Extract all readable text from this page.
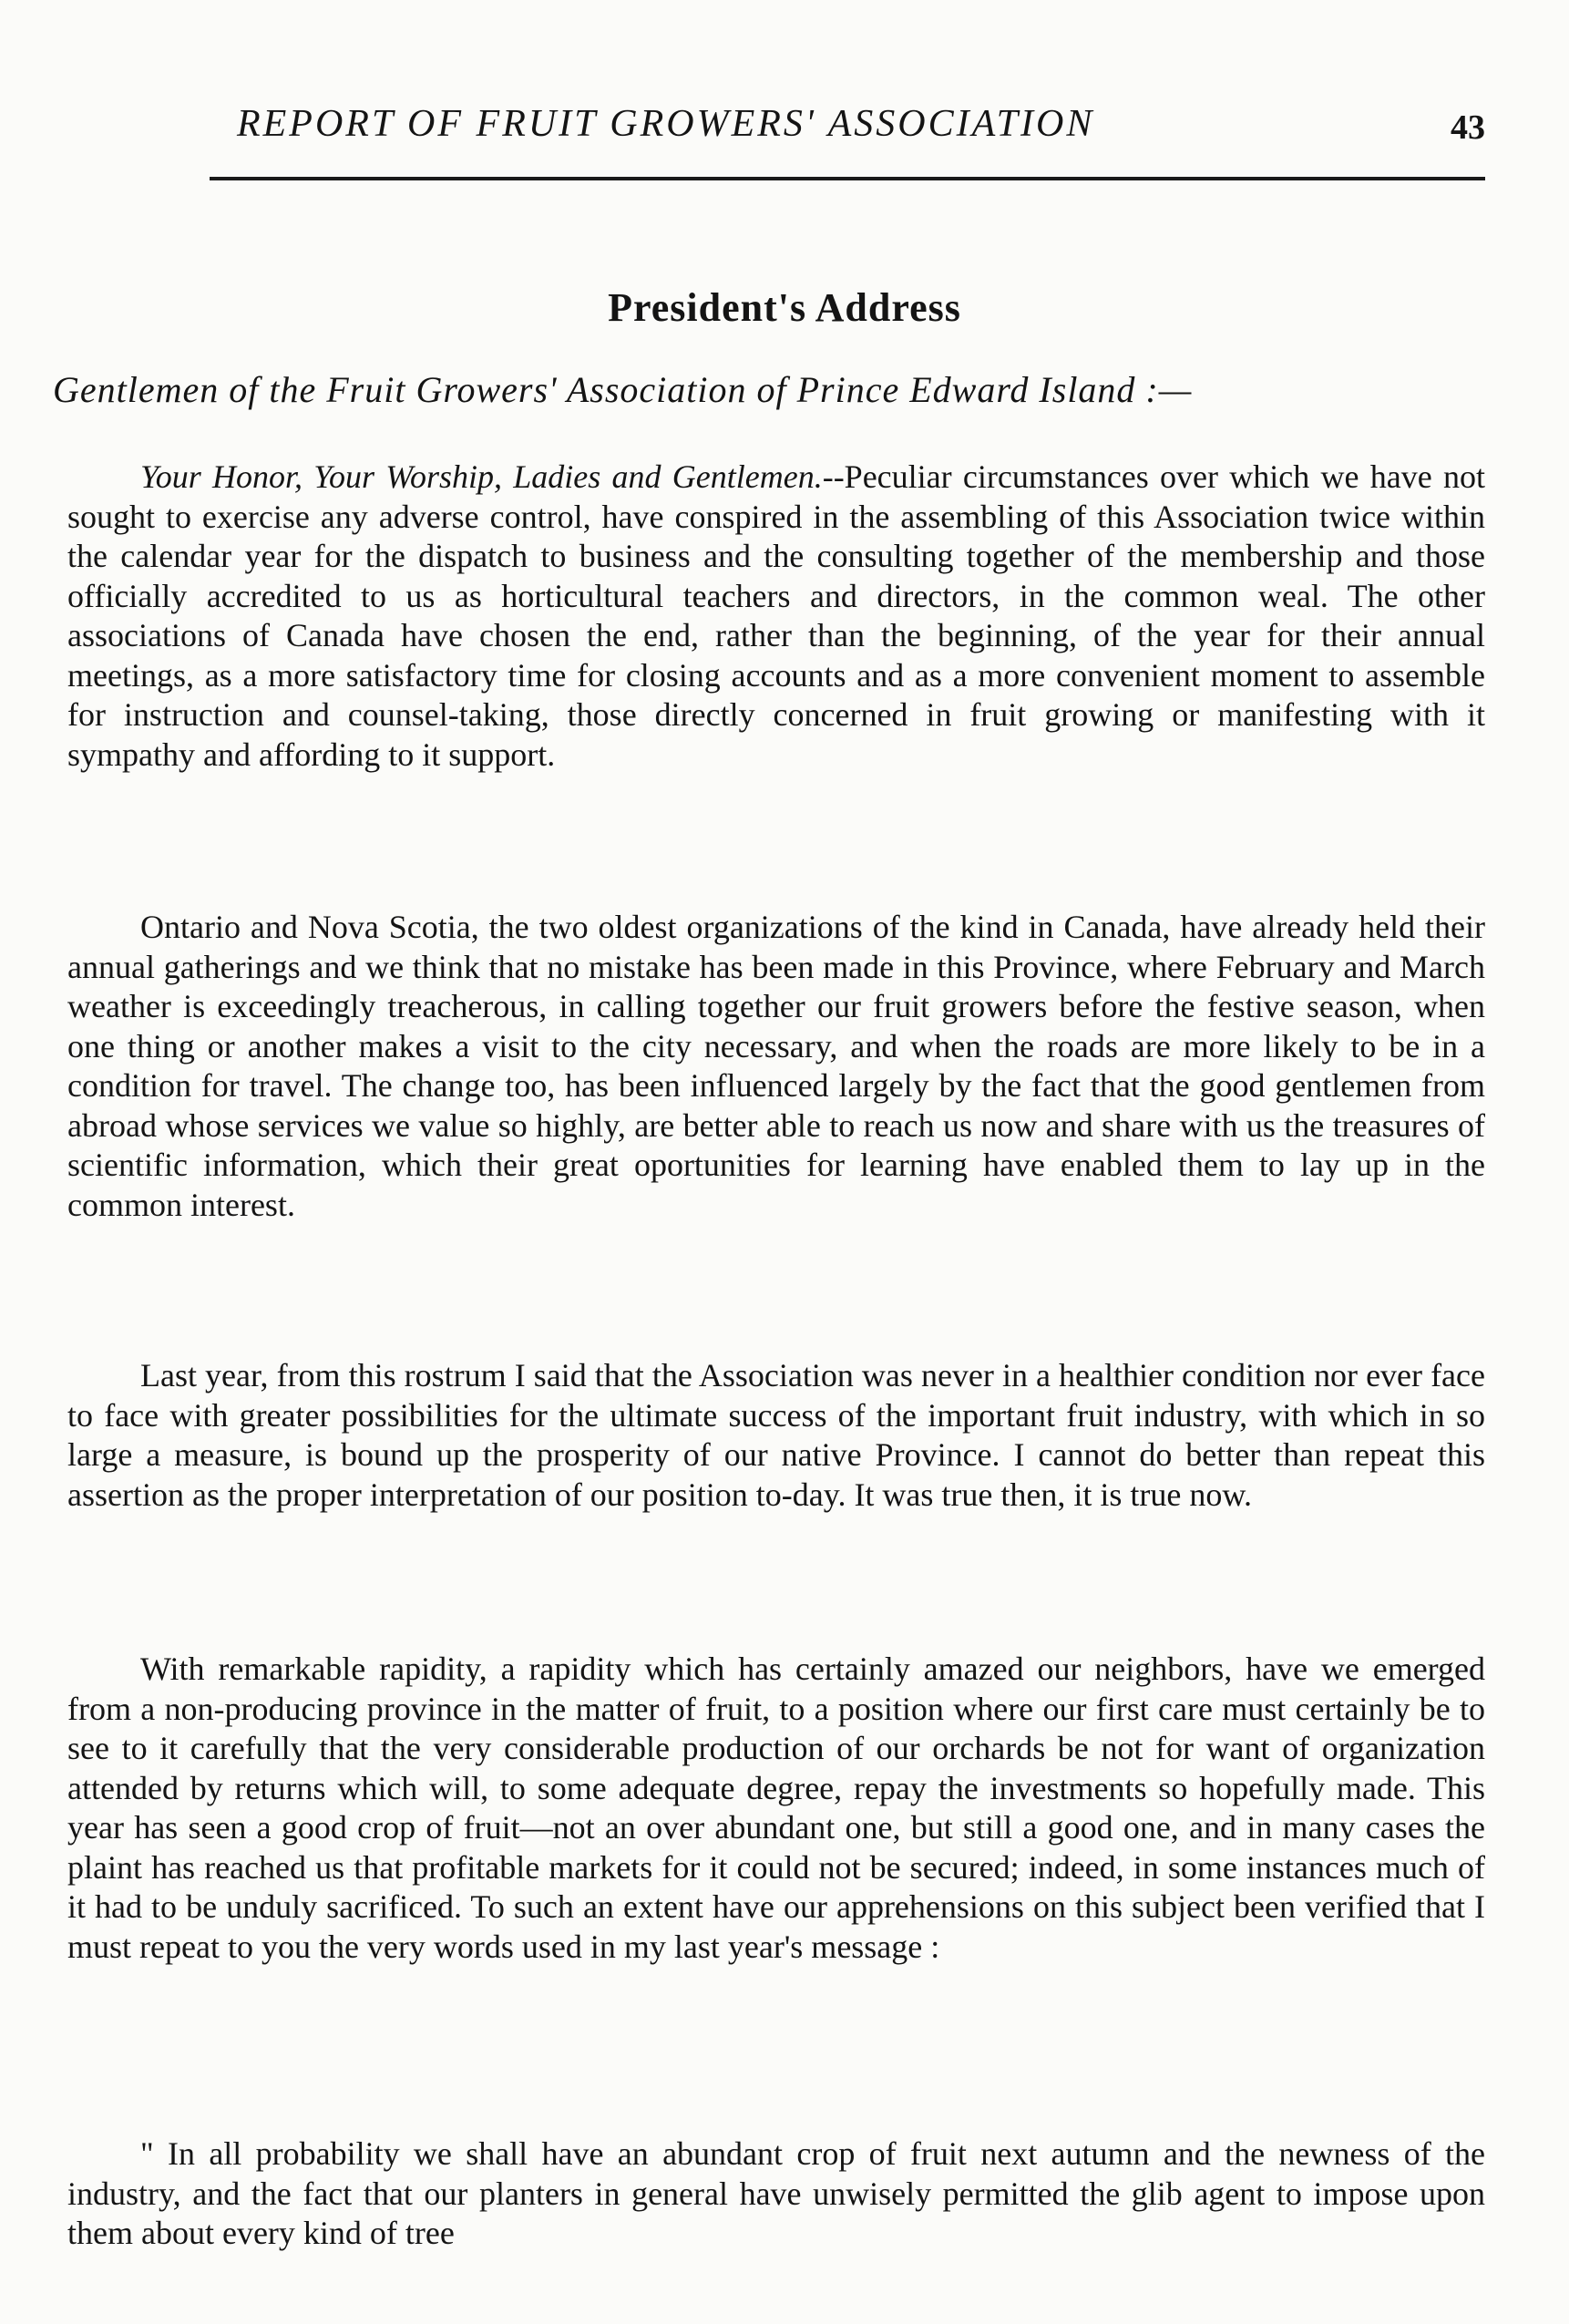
REPORT OF FRUIT GROWERS' ASSOCIATION	43
President's Address
Gentlemen of the Fruit Growers' Association of Prince Edward Island :—
Your Honor, Your Worship, Ladies and Gentlemen.--Peculiar circumstances over which we have not sought to exercise any adverse control, have conspired in the assembling of this Association twice within the calendar year for the dispatch to business and the consulting together of the membership and those officially accredited to us as horticultural teachers and directors, in the common weal. The other associations of Canada have chosen the end, rather than the beginning, of the year for their annual meetings, as a more satisfactory time for closing accounts and as a more convenient moment to assemble for instruction and counsel-taking, those directly concerned in fruit growing or manifesting with it sympathy and affording to it support.
Ontario and Nova Scotia, the two oldest organizations of the kind in Canada, have already held their annual gatherings and we think that no mistake has been made in this Province, where February and March weather is exceedingly treacherous, in calling together our fruit growers before the festive season, when one thing or another makes a visit to the city necessary, and when the roads are more likely to be in a condition for travel. The change too, has been influenced largely by the fact that the good gentlemen from abroad whose services we value so highly, are better able to reach us now and share with us the treasures of scientific information, which their great oportunities for learning have enabled them to lay up in the common interest.
Last year, from this rostrum I said that the Association was never in a healthier condition nor ever face to face with greater possibilities for the ultimate success of the important fruit industry, with which in so large a measure, is bound up the prosperity of our native Province. I cannot do better than repeat this assertion as the proper interpretation of our position to-day. It was true then, it is true now.
With remarkable rapidity, a rapidity which has certainly amazed our neighbors, have we emerged from a non-producing province in the matter of fruit, to a position where our first care must certainly be to see to it carefully that the very considerable production of our orchards be not for want of organization attended by returns which will, to some adequate degree, repay the investments so hopefully made. This year has seen a good crop of fruit—not an over abundant one, but still a good one, and in many cases the plaint has reached us that profitable markets for it could not be secured; indeed, in some instances much of it had to be unduly sacrificed. To such an extent have our apprehensions on this subject been verified that I must repeat to you the very words used in my last year's message :
" In all probability we shall have an abundant crop of fruit next autumn and the newness of the industry, and the fact that our planters in general have unwisely permitted the glib agent to impose upon them about every kind of tree
